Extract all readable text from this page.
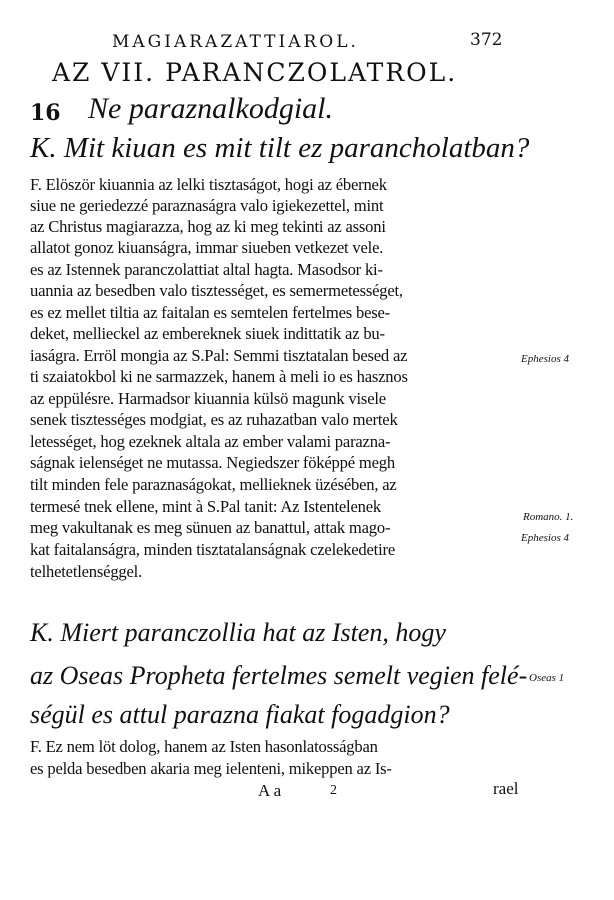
MAGIARAZATTIAROL.	372
AZ VII. PARANCZOLATROL.
16 Ne paraznalkodgial.
K. Mit kiuan es mit tilt ez parancholatban?
F. Elöször kiuannia az lelki tisztaságot, hogi az ébernek
siue ne geriedezzé paraznaságra valo igiekezettel, mint
az Christus magiarazza, hog az ki meg tekinti az assoni
allatot gonoz kiuanságra, immar siueben vetkezet vele.
es az Istennek paranczolattiat altal hagta. Masodsor ki-
uannia az besedben valo tisztességet, es semermetességet,
es ez mellet tiltia az faitalan es semtelen fertelmes bese-
deket, mellieckel az embereknek siuek indittatik az bu-
iaságra. Erröl mongia az S.Pal: Semmi tisztatalan besed az
ti szaiatokbol ki ne sarmazzek, hanem à meli io es hasznos
az eppülésre. Harmadsor kiuannia külsö magunk visele
senek tisztességes modgiat, es az ruhazatban valo mertek
letességet, hog ezeknek altala az ember valami parazna-
ságnak ielenséget ne mutassa. Negiedszer föképpé megh
tilt minden fele paraznaságokat, mellieknek üzésében, az
termesé tnek ellene, mint à S.Pal tanit: Az Istentelenek
meg vakultanak es meg sünuen az banattul, attak mago-
kat faitalanságra, minden tisztatalanságnak czelekedetire
telhetetlenséggel.
K. Miert paranczollia hat az Isten, hogy
az Oseas Propheta fertelmes semelt vegien felé-
ségül es attul parazna fiakat fogadgion?
F. Ez nem löt dolog, hanem az Isten hasonlatosságban
es pelda besedben akaria meg ielenteni, mikeppen az Is-
Ephesios 4
Romano. 1.
Ephesios 4
Oseas 1
A a	2	rael
